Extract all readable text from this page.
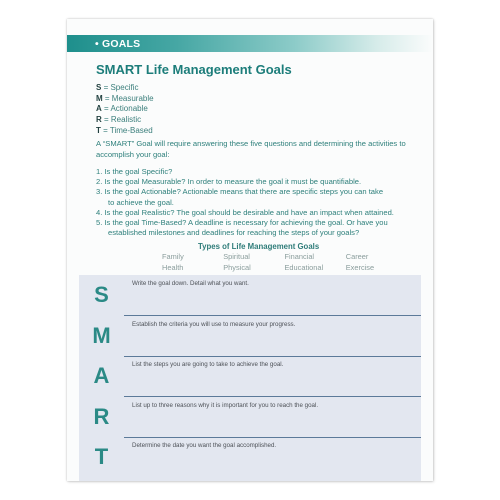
• GOALS
SMART Life Management Goals
S = Specific
M = Measurable
A = Actionable
R = Realistic
T = Time-Based

A “SMART” Goal will require answering these five questions and determining the activities to accomplish your goal:

1. Is the goal Specific?
2. Is the goal Measurable? In order to measure the goal it must be quantifiable.
3. Is the goal Actionable? Actionable means that there are specific steps you can take
to achieve the goal.
4. Is the goal Realistic? The goal should be desirable and have an impact when attained.
5. Is the goal Time-Based? A deadline is necessary for achieving the goal. Or have you
established milestones and deadlines for reaching the steps of your goals?
Types of Life Management Goals
Family	Spiritual	Financial	Career
Health	Physical	Educational	Exercise
S	Write the goal down. Detail what you want.
M	Establish the criteria you will use to measure your progress.
A	List the steps you are going to take to achieve the goal.
R	List up to three reasons why it is important for you to reach the goal.
T	Determine the date you want the goal accomplished.
